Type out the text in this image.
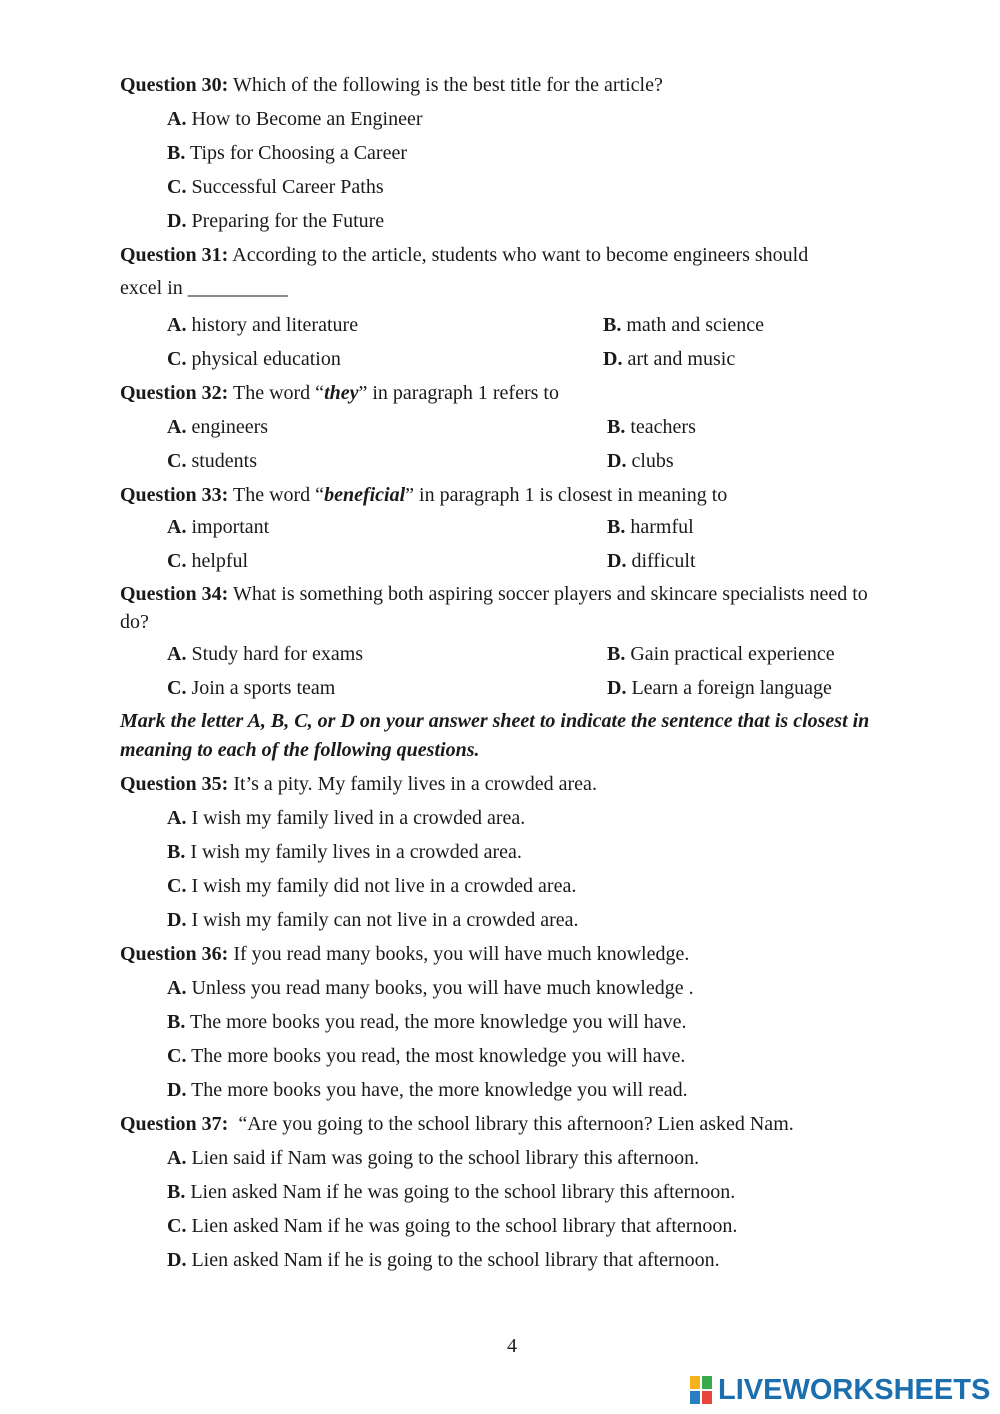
Question 30: Which of the following is the best title for the article?
A. How to Become an Engineer
B. Tips for Choosing a Career
C. Successful Career Paths
D. Preparing for the Future
Question 31: According to the article, students who want to become engineers should
excel in __________
A. history and literature	B. math and science
C. physical education	D. art and music
Question 32: The word “they” in paragraph 1 refers to
A. engineers	B. teachers
C. students	D. clubs
Question 33: The word “beneficial” in paragraph 1 is closest in meaning to
A. important	B. harmful
C. helpful	D. difficult
Question 34: What is something both aspiring soccer players and skincare specialists need to do?
A. Study hard for exams	B. Gain practical experience
C. Join a sports team	D. Learn a foreign language
Mark the letter A, B, C, or D on your answer sheet to indicate the sentence that is closest in meaning to each of the following questions.
Question 35: It’s a pity. My family lives in a crowded area.
A. I wish my family lived in a crowded area.
B. I wish my family lives in a crowded area.
C. I wish my family did not live in a crowded area.
D. I wish my family can not live in a crowded area.
Question 36: If you read many books, you will have much knowledge.
A. Unless you read many books, you will have much knowledge .
B. The more books you read, the more knowledge you will have.
C. The more books you read, the most knowledge you will have.
D. The more books you have, the more knowledge you will read.
Question 37:  “Are you going to the school library this afternoon? Lien asked Nam.
A. Lien said if Nam was going to the school library this afternoon.
B. Lien asked Nam if he was going to the school library this afternoon.
C. Lien asked Nam if he was going to the school library that afternoon.
D. Lien asked Nam if he is going to the school library that afternoon.
4
LIVEWORKSHEETS
